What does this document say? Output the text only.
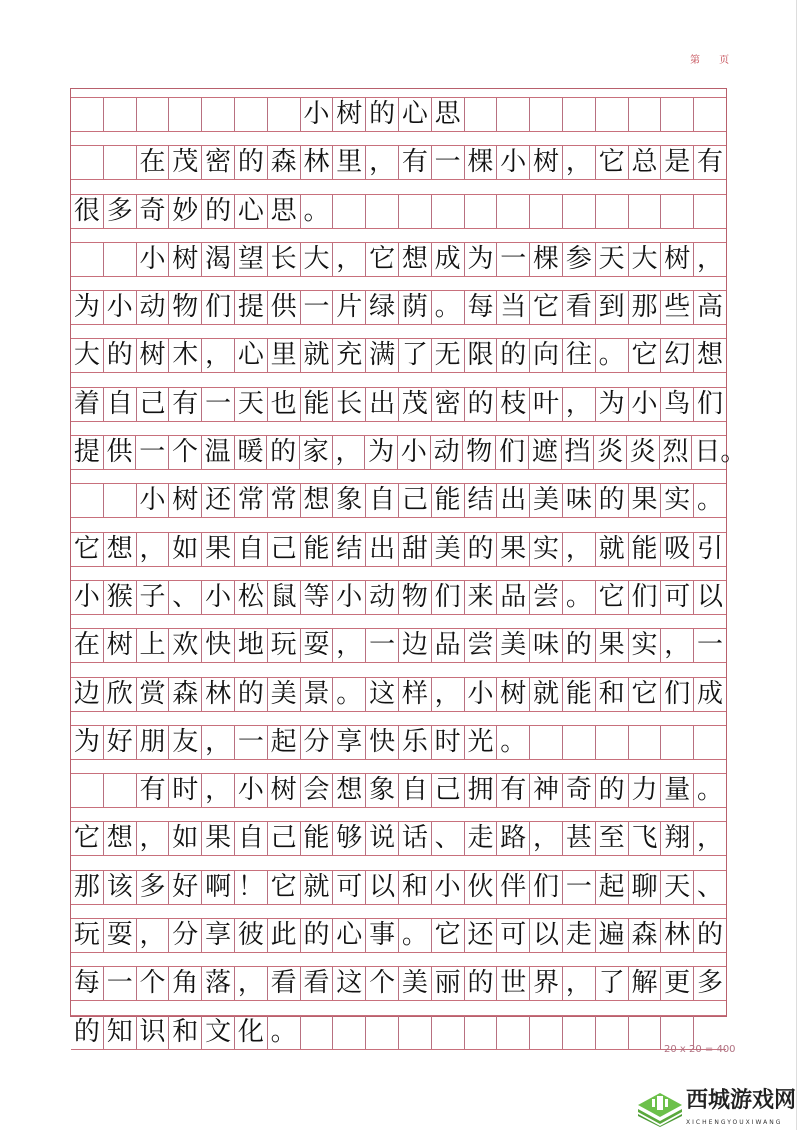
第 页
小 树 的 心 思
在 茂 密 的 森 林 里 ， 有 一 棵 小 树 ， 它 总 是 有
很 多 奇 妙 的 心 思 。
小 树 渴 望 长 大 ， 它 想 成 为 一 棵 参 天 大 树 ，
为 小 动 物 们 提 供 一 片 绿 荫 。 每 当 它 看 到 那 些 高
大 的 树 木 ， 心 里 就 充 满 了 无 限 的 向 往 。 它 幻 想
着 自 己 有 一 天 也 能 长 出 茂 密 的 枝 叶 ， 为 小 鸟 们
提 供 一 个 温 暖 的 家 ， 为 小 动 物 们 遮 挡 炎 炎 烈 日。
小 树 还 常 常 想 象 自 己 能 结 出 美 味 的 果 实 。
它 想 ， 如 果 自 己 能 结 出 甜 美 的 果 实 ， 就 能 吸 引
小 猴 子 、 小 松 鼠 等 小 动 物 们 来 品 尝 。 它 们 可 以
在 树 上 欢 快 地 玩 耍 ， 一 边 品 尝 美 味 的 果 实 ， 一
边 欣 赏 森 林 的 美 景 。 这 样 ， 小 树 就 能 和 它 们 成
为 好 朋 友 ， 一 起 分 享 快 乐 时 光 。
有 时 ， 小 树 会 想 象 自 己 拥 有 神 奇 的 力 量 。
它 想 ， 如 果 自 己 能 够 说 话 、 走 路 ， 甚 至 飞 翔 ，
那 该 多 好 啊 ！ 它 就 可 以 和 小 伙 伴 们 一 起 聊 天 、
玩 耍 ， 分 享 彼 此 的 心 事 。 它 还 可 以 走 遍 森 林 的
每 一 个 角 落 ， 看 看 这 个 美 丽 的 世 界 ， 了 解 更 多
的 知 识 和 文 化 。
20 x 20 = 400
西城游戏网
XICHENGYOUXIWANG
